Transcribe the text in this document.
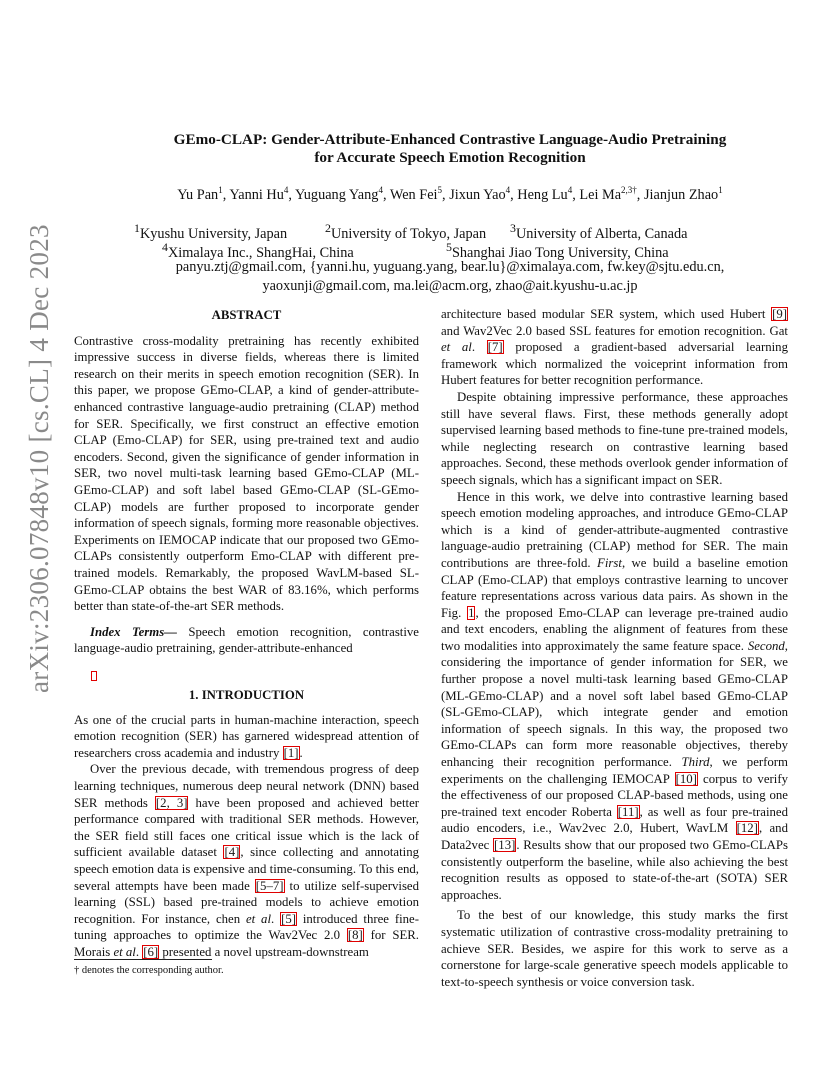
arXiv:2306.07848v10 [cs.CL] 4 Dec 2023
GEmo-CLAP: Gender-Attribute-Enhanced Contrastive Language-Audio Pretraining
for Accurate Speech Emotion Recognition
Yu Pan$^1$, Yanni Hu$^4$, Yuguang Yang$^4$, Wen Fei$^5$, Jixun Yao$^4$, Heng Lu$^4$, Lei $Ma^{2,3\dagger}$, Jianjun Zhao$^1$
$^1$Kyushu University, Japan	$^2$University of Tokyo, Japan $^3$University of Alberta, Canada
$^4$Ximalaya Inc., ShangHai, China	$^5$Shanghai Jiao Tong University, China
panyu.ztj@gmail.com, {yanni.hu, yuguang.yang, bear.lu}@ximalaya.com, fw.key@sjtu.edu.cn,
yaoxunji@gmail.com, ma.lei@acm.org, zhao@ait.kyushu-u.ac.jp

ABSTRACT

Contrastive cross-modality pretraining has recently exhibited impressive success in diverse fields, whereas there is limited research on their merits in speech emotion recognition (SER). In this paper, we propose GEmo-CLAP, a kind of gender-attribute-enhanced contrastive language-audio pretraining (CLAP) method for SER. Specifically, we first construct an effective emotion CLAP (Emo-CLAP) for SER, using pre-trained text and audio encoders. Second, given the significance of gender information in SER, two novel multi-task learning based GEmo-CLAP (ML-GEmo-CLAP) and soft label based GEmo-CLAP (SL-GEmo-CLAP) models are further proposed to incorporate gender information of speech signals, forming more reasonable objectives. Experiments on IEMOCAP indicate that our proposed two GEmo-CLAPs consistently outperform Emo-CLAP with different pre-trained models. Remarkably, the proposed WavLM-based SL-GEmo-CLAP obtains the best WAR of 83.16%, which performs better than state-of-the-art SER methods.

Index Terms— Speech emotion recognition, contrastive language-audio pretraining, gender-attribute-enhanced

1. INTRODUCTION

As one of the crucial parts in human-machine interaction, speech emotion recognition (SER) has garnered widespread attention of researchers cross academia and industry [1].

Over the previous decade, with tremendous progress of deep learning techniques, numerous deep neural network (DNN) based SER methods [2, 3] have been proposed and achieved better performance compared with traditional SER methods. However, the SER field still faces one critical issue which is the lack of sufficient available dataset [4], since collecting and annotating speech emotion data is expensive and time-consuming. To this end, several attempts have been made [5–7] to utilize self-supervised learning (SSL) based pre-trained models to achieve emotion recognition. For instance, chen et al. [5] introduced three fine-tuning approaches to optimize the Wav2Vec 2.0 [8] for SER. Morais et al. [6] presented a novel upstream-downstream

† denotes the corresponding author.

architecture based modular SER system, which used Hubert [9] and Wav2Vec 2.0 based SSL features for emotion recognition. Gat et al. [7] proposed a gradient-based adversarial learning framework which normalized the voiceprint information from Hubert features for better recognition performance.

Despite obtaining impressive performance, these approaches still have several flaws. First, these methods generally adopt supervised learning based methods to fine-tune pre-trained models, while neglecting research on contrastive learning based approaches. Second, these methods overlook gender information of speech signals, which has a significant impact on SER.

Hence in this work, we delve into contrastive learning based speech emotion modeling approaches, and introduce GEmo-CLAP which is a kind of gender-attribute-augmented contrastive language-audio pretraining (CLAP) method for SER. The main contributions are three-fold. First, we build a baseline emotion CLAP (Emo-CLAP) that employs contrastive learning to uncover feature representations across various data pairs. As shown in the Fig. 1, the proposed Emo-CLAP can leverage pre-trained audio and text encoders, enabling the alignment of features from these two modalities into approximately the same feature space. Second, considering the importance of gender information for SER, we further propose a novel multi-task learning based GEmo-CLAP (ML-GEmo-CLAP) and a novel soft label based GEmo-CLAP (SL-GEmo-CLAP), which integrate gender and emotion information of speech signals. In this way, the proposed two GEmo-CLAPs can form more reasonable objectives, thereby enhancing their recognition performance. Third, we perform experiments on the challenging IEMOCAP [10] corpus to verify the effectiveness of our proposed CLAP-based methods, using one pre-trained text encoder Roberta [11], as well as four pre-trained audio encoders, i.e., Wav2vec 2.0, Hubert, WavLM [12], and Data2vec [13]. Results show that our proposed two GEmo-CLAPs consistently outperform the baseline, while also achieving the best recognition results as opposed to state-of-the-art (SOTA) SER approaches.

To the best of our knowledge, this study marks the first systematic utilization of contrastive cross-modality pretraining to achieve SER. Besides, we aspire for this work to serve as a cornerstone for large-scale generative speech models applicable to text-to-speech synthesis or voice conversion task.
